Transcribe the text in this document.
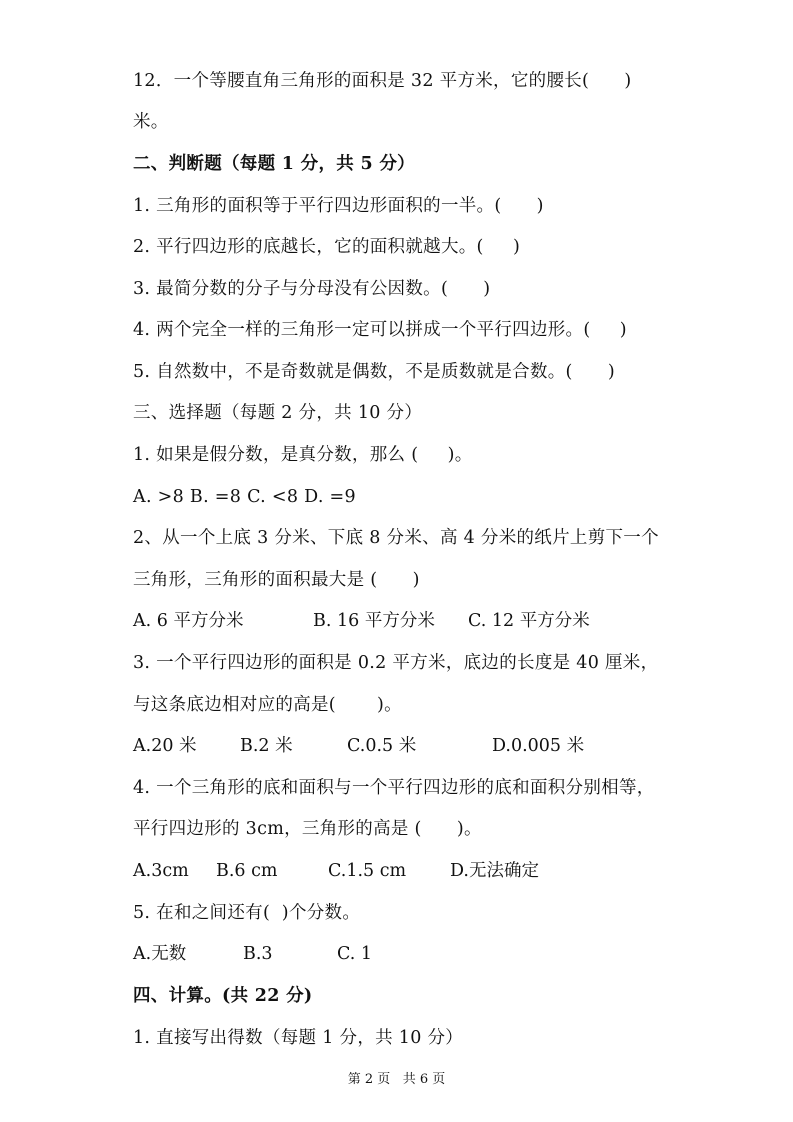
12．一个等腰直角三角形的面积是 32 平方米，它的腰长(      )
米。
二、判断题（每题 1 分，共 5 分）
1. 三角形的面积等于平行四边形面积的一半。(      )
2. 平行四边形的底越长，它的面积就越大。(     )
3. 最简分数的分子与分母没有公因数。(      )
4. 两个完全一样的三角形一定可以拼成一个平行四边形。(     )
5. 自然数中，不是奇数就是偶数，不是质数就是合数。(      )
三、选择题（每题 2 分，共 10 分）
1. 如果是假分数，是真分数，那么 (     )。
A. >8 B. =8 C. <8 D. =9
2、从一个上底 3 分米、下底 8 分米、高 4 分米的纸片上剪下一个
三角形，三角形的面积最大是 (      )
A. 6 平方分米	B. 16 平方分米 C. 12 平方分米
3. 一个平行四边形的面积是 0.2 平方米，底边的长度是 40 厘米，
与这条底边相对应的高是(       )。
A.20 米 B.2 米	C.0.5 米	D.0.005 米
4. 一个三角形的底和面积与一个平行四边形的底和面积分别相等，
平行四边形的 3cm，三角形的高是 (      )。
A.3cm B.6 cm	C.1.5 cm	D.无法确定
5. 在和之间还有(  )个分数。
A.无数	B.3	C. 1
四、计算。(共 22 分)
1. 直接写出得数（每题 1 分，共 10 分）
第 2 页   共 6 页
